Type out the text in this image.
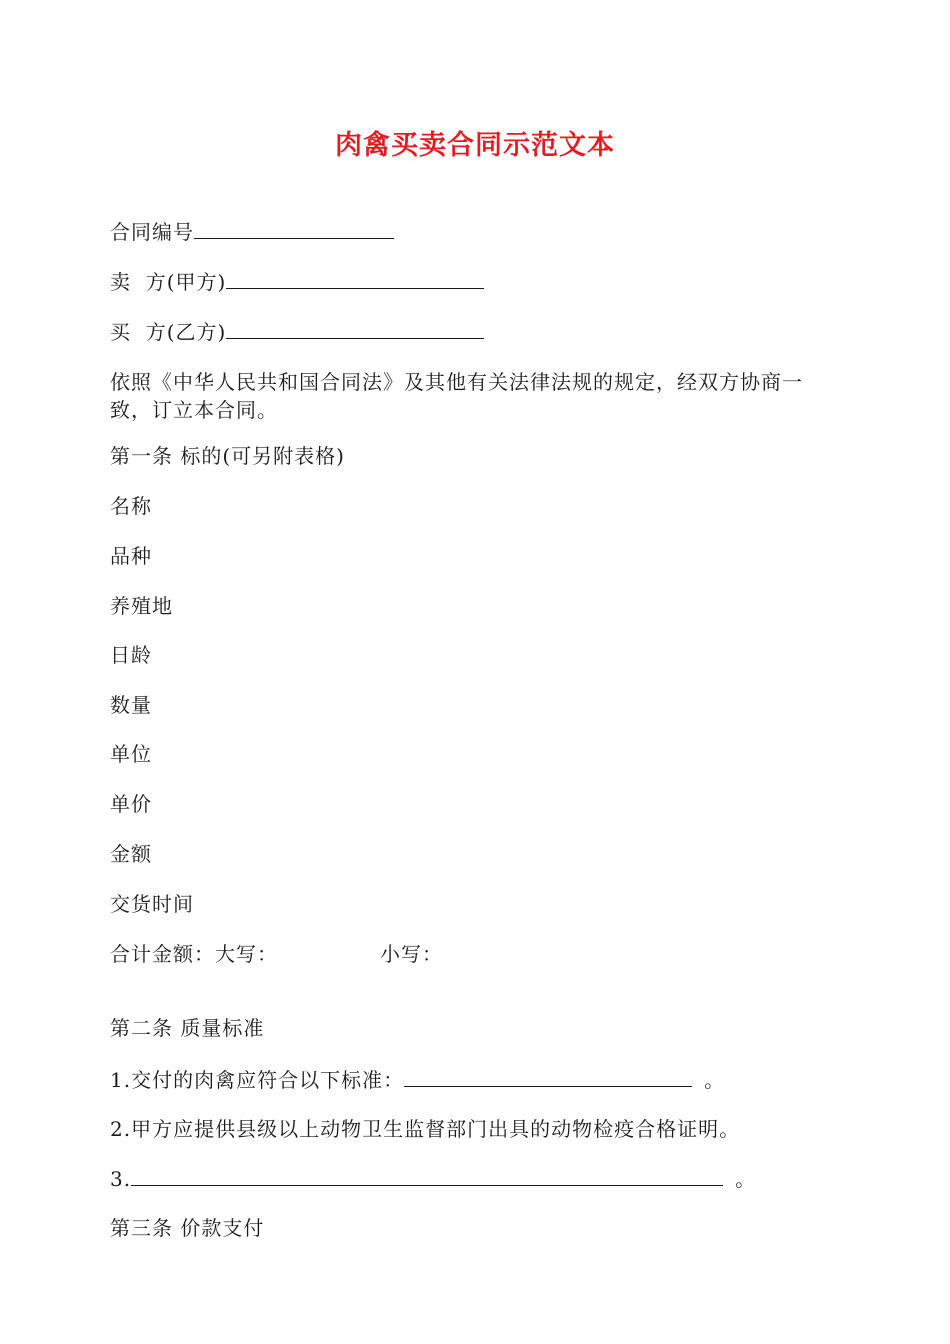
肉禽买卖合同示范文本
合同编号
卖  方(甲方)
买  方(乙方)
依照《中华人民共和国合同法》及其他有关法律法规的规定，经双方协商一致，订立本合同。
第一条 标的(可另附表格)
名称
品种
养殖地
日龄
数量
单位
单价
金额
交货时间
合计金额：大写：	小写：
第二条 质量标准
1.交付的肉禽应符合以下标准：	。
2.甲方应提供县级以上动物卫生监督部门出具的动物检疫合格证明。
3.	。
第三条 价款支付
